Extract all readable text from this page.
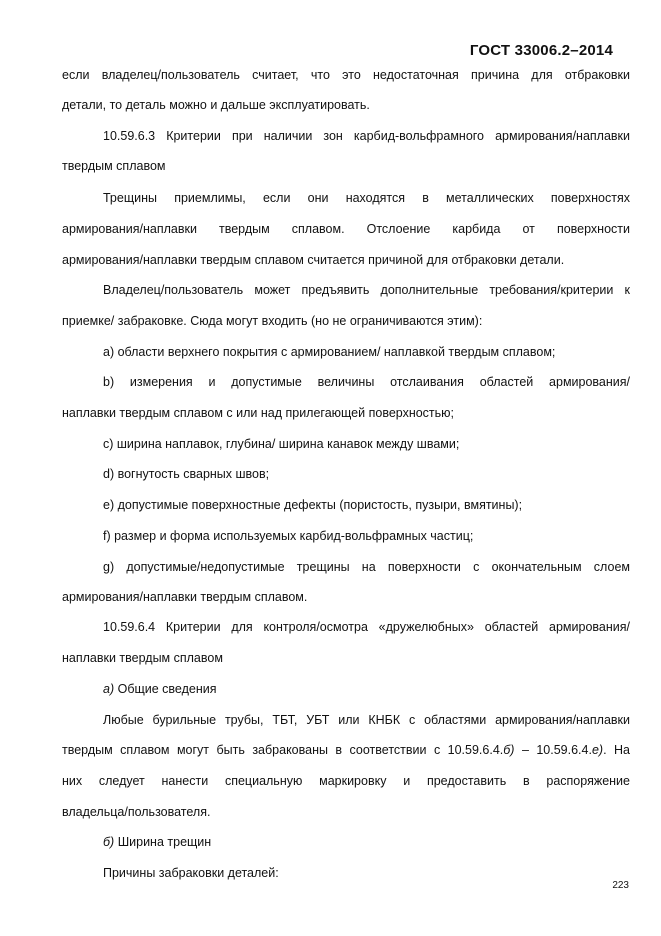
ГОСТ 33006.2–2014
если владелец/пользователь считает, что это недостаточная причина для отбраковки
детали, то деталь можно и дальше эксплуатировать.
10.59.6.3 Критерии при наличии зон карбид-вольфрамного армирования/наплавки
твердым сплавом
Трещины приемлимы, если они находятся в металлических поверхностях
армирования/наплавки твердым сплавом. Отслоение карбида от поверхности
армирования/наплавки твердым сплавом считается причиной для отбраковки детали.
Владелец/пользователь может предъявить дополнительные требования/критерии к
приемке/ забраковке. Сюда могут входить (но не ограничиваются этим):
а) области верхнего покрытия с армированием/ наплавкой твердым сплавом;
b) измерения и допустимые величины отслаивания областей армирования/
наплавки твердым сплавом с или над прилегающей поверхностью;
c) ширина наплавок, глубина/ ширина канавок между швами;
d) вогнутость сварных швов;
e) допустимые поверхностные дефекты (пористость, пузыри, вмятины);
f) размер и форма используемых карбид-вольфрамных частиц;
g) допустимые/недопустимые трещины на поверхности с окончательным слоем
армирования/наплавки твердым сплавом.
10.59.6.4 Критерии для контроля/осмотра «дружелюбных» областей армирования/
наплавки твердым сплавом
а) Общие сведения
Любые бурильные трубы, ТБТ, УБТ или КНБК с областями армирования/наплавки
твердым сплавом могут быть забракованы в соответствии с 10.59.6.4.б) – 10.59.6.4.е). На
них следует нанести специальную маркировку и предоставить в распоряжение
владельца/пользователя.
б) Ширина трещин
Причины забраковки деталей:
223
